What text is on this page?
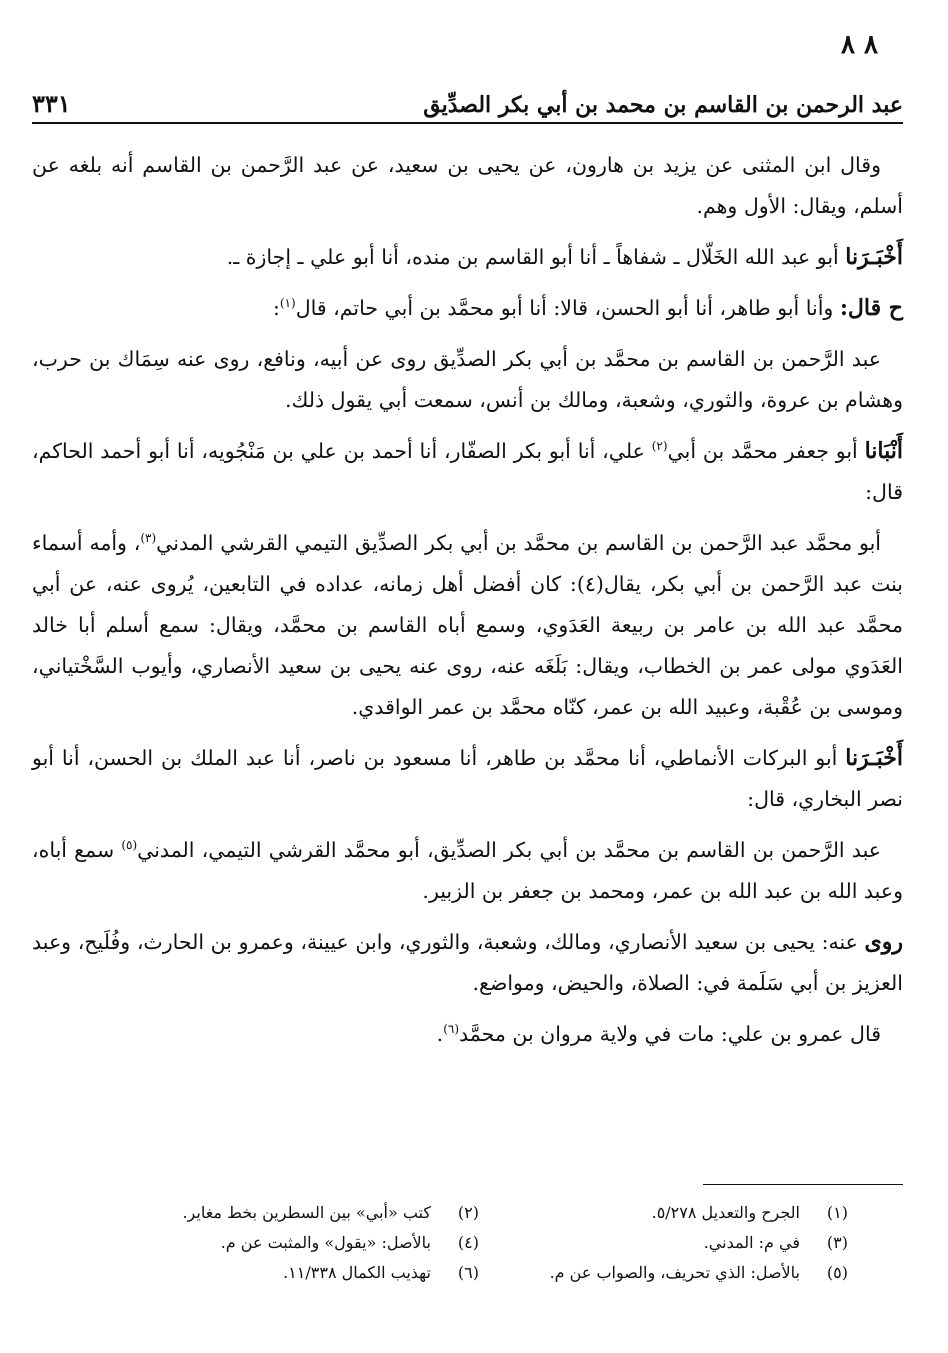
٨ ٨
٣٣١	عبد الرحمن بن القاسم بن محمد بن أبي بكر الصدِّيق

وقال ابن المثنى عن يزيد بن هارون، عن يحيى بن سعيد، عن عبد الرَّحمن بن القاسم أنه بلغه عن أسلم، ويقال: الأول وهم.

أَخْبَـرَنا أبو عبد الله الخَلّال ـ شفاهاً ـ أنا أبو القاسم بن منده، أنا أبو علي ـ إجازة ـ.

ح قال: وأنا أبو طاهر، أنا أبو الحسن، قالا: أنا أبو محمَّد بن أبي حاتم، قال$^{(١)}$:

عبد الرَّحمن بن القاسم بن محمَّد بن أبي بكر الصدِّيق روى عن أبيه، ونافع، روى عنه سِمَاك بن حرب، وهشام بن عروة، والثوري، وشعبة، ومالك بن أنس، سمعت أبي يقول ذلك.

أَنْبَانا أبو جعفر محمَّد بن أبي$^{(٢)}$ علي، أنا أبو بكر الصفّار، أنا أحمد بن علي بن مَنْجُويه، أنا أبو أحمد الحاكم، قال:

أبو محمَّد عبد الرَّحمن بن القاسم بن محمَّد بن أبي بكر الصدِّيق التيمي القرشي المدني$^{(٣)}$، وأمه أسماء بنت عبد الرَّحمن بن أبي بكر، يقال(٤): كان أفضل أهل زمانه، عداده في التابعين، يُروى عنه، عن أبي محمَّد عبد الله بن عامر بن ربيعة العَدَوي، وسمع أباه القاسم بن محمَّد، ويقال: سمع أسلم أبا خالد العَدَوي مولى عمر بن الخطاب، ويقال: بَلَغَه عنه، روى عنه يحيى بن سعيد الأنصاري، وأيوب السَّخْتياني، وموسى بن عُقْبة، وعبيد الله بن عمر، كنّاه محمَّد بن عمر الواقدي.

أَخْبَـرَنا أبو البركات الأنماطي، أنا محمَّد بن طاهر، أنا مسعود بن ناصر، أنا عبد الملك بن الحسن، أنا أبو نصر البخاري، قال:

عبد الرَّحمن بن القاسم بن محمَّد بن أبي بكر الصدِّيق، أبو محمَّد القرشي التيمي، المدني$^{(٥)}$ سمع أباه، وعبد الله بن عبد الله بن عمر، ومحمد بن جعفر بن الزبير.

روى عنه: يحيى بن سعيد الأنصاري، ومالك، وشعبة، والثوري، وابن عيينة، وعمرو بن الحارث، وفُلَيح، وعبد العزيز بن أبي سَلَمة في: الصلاة، والحيض، ومواضع.

قال عمرو بن علي: مات في ولاية مروان بن محمَّد$^{(٦)}$.

(١)
الجرح والتعديل ٥/٢٧٨.
(٢)
كتب «أبي» بين السطرين بخط مغاير.
(٣)
في م: المدني.
(٤)
بالأصل: «يقول» والمثبت عن م.
(٥)
بالأصل: الذي تحريف، والصواب عن م.
(٦)
تهذيب الكمال ١١/٣٣٨.
